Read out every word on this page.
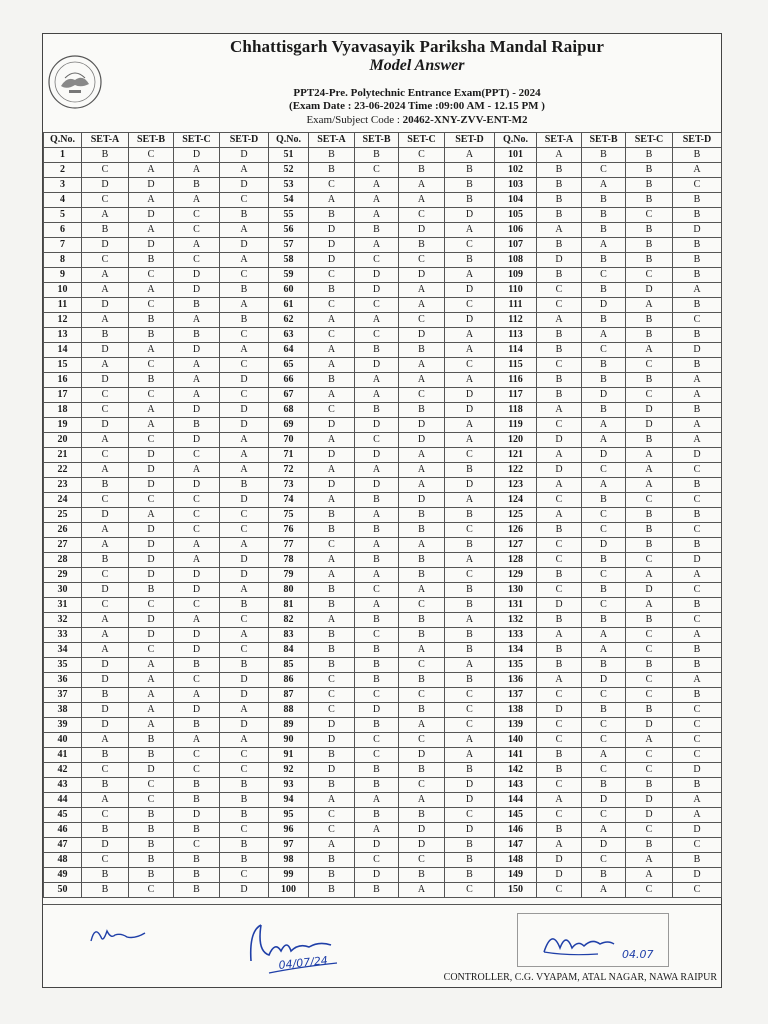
Chhattisgarh Vyavasayik Pariksha Mandal Raipur
Model Answer
PPT24-Pre. Polytechnic Entrance Exam(PPT) - 2024
(Exam Date : 23-06-2024 Time :09:00 AM - 12.15 PM )
Exam/Subject Code : 20462-XNY-ZVV-ENT-M2
Q.No.	SET-A	SET-B	SET-C	SET-D	Q.No.	SET-A	SET-B	SET-C	SET-D	Q.No.	SET-A	SET-B	SET-C	SET-D
1	B	C	D	D	51	B	B	C	A	101	A	B	B	B
2	C	A	A	A	52	B	C	B	B	102	B	C	B	A
3	D	D	B	D	53	C	A	A	B	103	B	A	B	C
4	C	A	A	C	54	A	A	A	B	104	B	B	B	B
5	A	D	C	B	55	B	A	C	D	105	B	B	C	B
6	B	A	C	A	56	D	B	D	A	106	A	B	B	D
7	D	D	A	D	57	D	A	B	C	107	B	A	B	B
8	C	B	C	A	58	D	C	C	B	108	D	B	B	B
9	A	C	D	C	59	C	D	D	A	109	B	C	C	B
10	A	A	D	B	60	B	D	A	D	110	C	B	D	A
11	D	C	B	A	61	C	C	A	C	111	C	D	A	B
12	A	B	A	B	62	A	A	C	D	112	A	B	B	C
13	B	B	B	C	63	C	C	D	A	113	B	A	B	B
14	D	A	D	A	64	A	B	B	A	114	B	C	A	D
15	A	C	A	C	65	A	D	A	C	115	C	B	C	B
16	D	B	A	D	66	B	A	A	A	116	B	B	B	A
17	C	C	A	C	67	A	A	C	D	117	B	D	C	A
18	C	A	D	D	68	C	B	B	D	118	A	B	D	B
19	D	A	B	D	69	D	D	D	A	119	C	A	D	A
20	A	C	D	A	70	A	C	D	A	120	D	A	B	A
21	C	D	C	A	71	D	D	A	C	121	A	D	A	D
22	A	D	A	A	72	A	A	A	B	122	D	C	A	C
23	B	D	D	B	73	D	D	A	D	123	A	A	A	B
24	C	C	C	D	74	A	B	D	A	124	C	B	C	C
25	D	A	C	C	75	B	A	B	B	125	A	C	B	B
26	A	D	C	C	76	B	B	B	C	126	B	C	B	C
27	A	D	A	A	77	C	A	A	B	127	C	D	B	B
28	B	D	A	D	78	A	B	B	A	128	C	B	C	D
29	C	D	D	D	79	A	A	B	C	129	B	C	A	A
30	D	B	D	A	80	B	C	A	B	130	C	B	D	C
31	C	C	C	B	81	B	A	C	B	131	D	C	A	B
32	A	D	A	C	82	A	B	B	A	132	B	B	B	C
33	A	D	D	A	83	B	C	B	B	133	A	A	C	A
34	A	C	D	C	84	B	B	A	B	134	B	A	C	B
35	D	A	B	B	85	B	B	C	A	135	B	B	B	B
36	D	A	C	D	86	C	B	B	B	136	A	D	C	A
37	B	A	A	D	87	C	C	C	C	137	C	C	C	B
38	D	A	D	A	88	C	D	B	C	138	D	B	B	C
39	D	A	B	D	89	D	B	A	C	139	C	C	D	C
40	A	B	A	A	90	D	C	C	A	140	C	C	A	C
41	B	B	C	C	91	B	C	D	A	141	B	A	C	C
42	C	D	C	C	92	D	B	B	B	142	B	C	C	D
43	B	C	B	B	93	B	B	C	D	143	C	B	B	B
44	A	C	B	B	94	A	A	A	D	144	A	D	D	A
45	C	B	D	B	95	C	B	B	C	145	C	C	D	A
46	B	B	B	C	96	C	A	D	D	146	B	A	C	D
47	D	B	C	B	97	A	D	D	B	147	A	D	B	C
48	C	B	B	B	98	B	C	C	B	148	D	C	A	B
49	B	B	B	C	99	B	D	B	B	149	D	B	A	D
50	B	C	B	D	100	B	B	A	C	150	C	A	C	C
04/07/24	04.07
CONTROLLER, C.G. VYAPAM, ATAL NAGAR, NAWA RAIPUR
